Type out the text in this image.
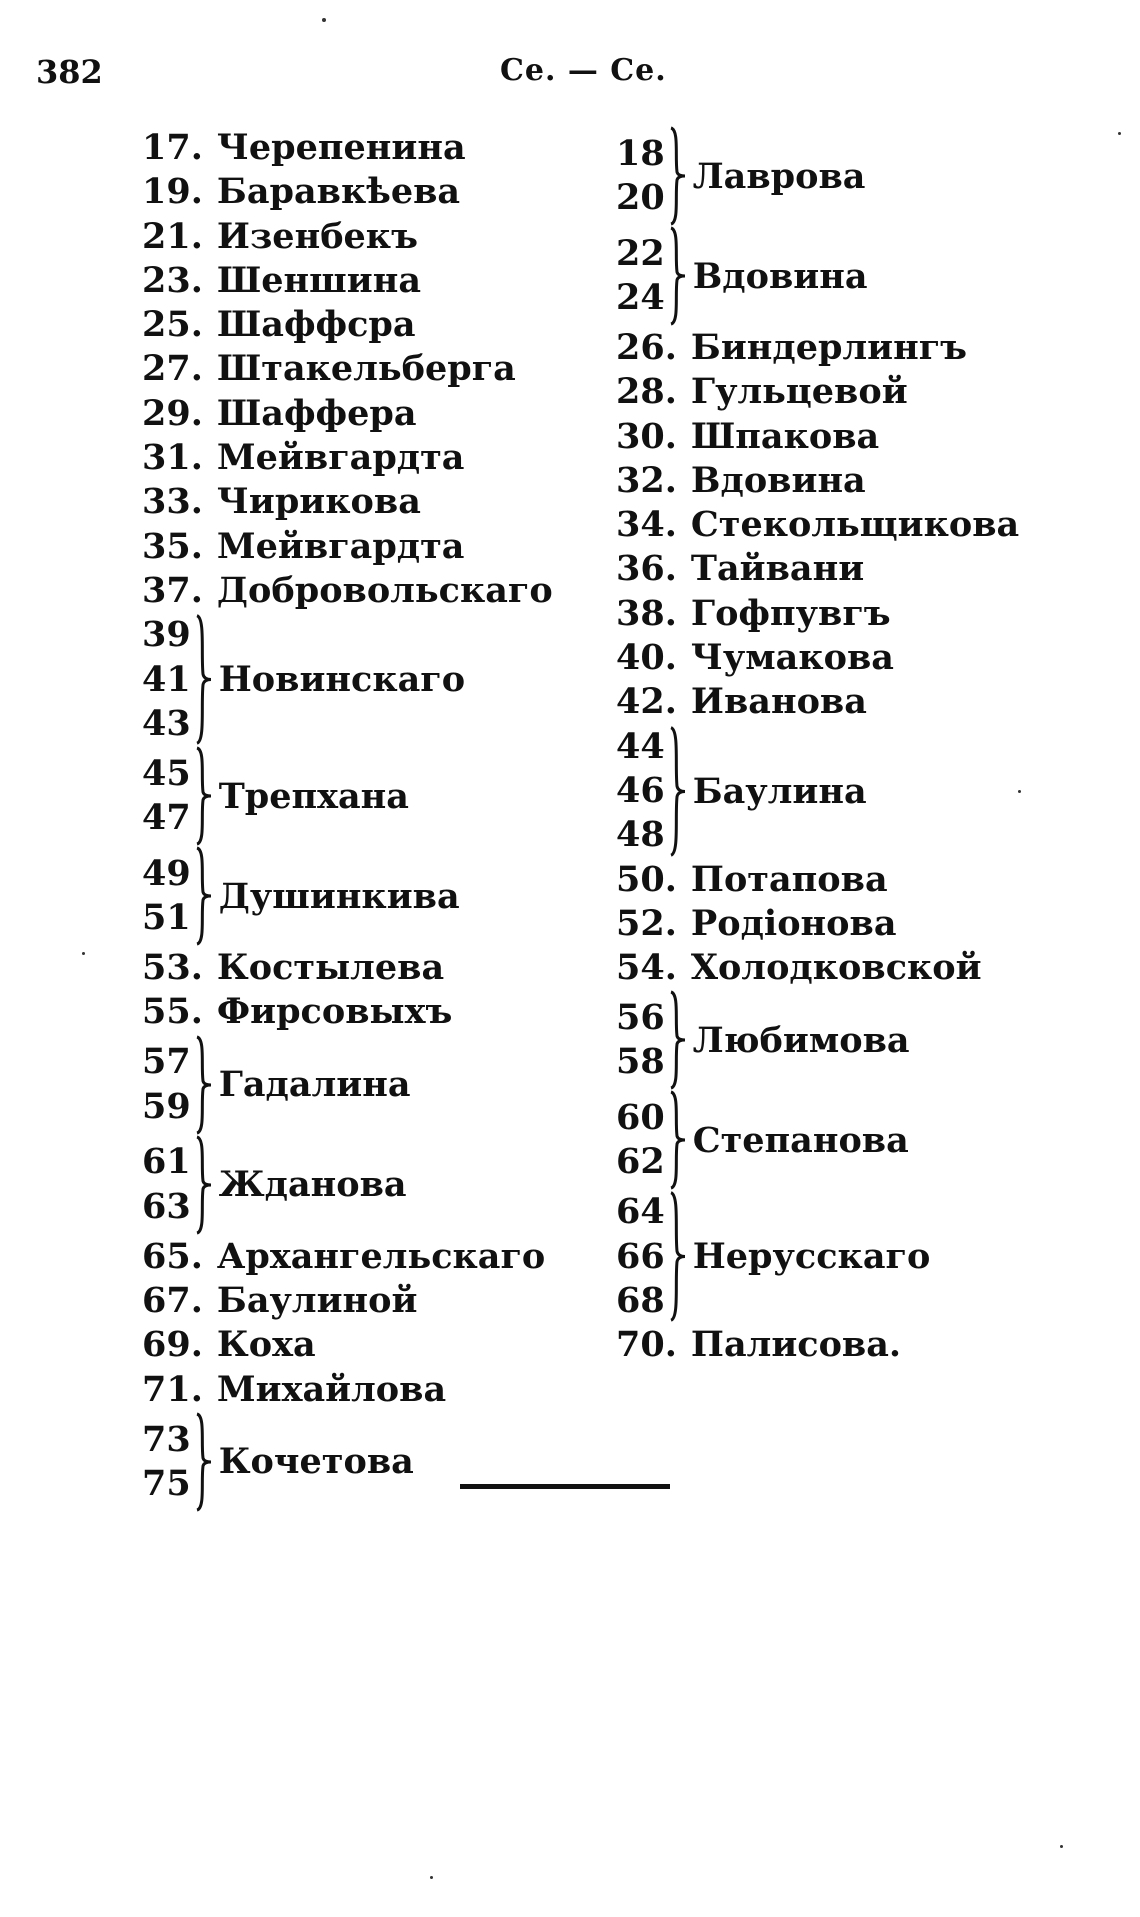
382	Се. — Се.
17. Черепенина
19. Баравкѣева
21. Изенбекъ
23. Шеншина
25. Шаффсра
27. Штакельберга
29. Шаффера
31. Мейвгардта
33. Чирикова
35. Мейвгардта
37. Добровольскаго
39
41
43
Новинскаго
45
47
Трепхана
49
51
Душинкива
53. Костылева
55. Фирсовыхъ
57
59
Гадалина
61
63
Жданова
65. Архангельскаго
67. Баулиной
69. Коха
71. Михайлова
73
75
Кочетова
18
20
Лаврова
22
24
Вдовина
26. Биндерлингъ
28. Гульцевой
30. Шпакова
32. Вдовина
34. Стекольщикова
36. Тайвани
38. Гофпувгъ
40. Чумакова
42. Иванова
44
46
48
Баулина
50. Потапова
52. Родіонова
54. Холодковской
56
58
Любимова
60
62
Степанова
64
66
68
Нерусскаго
70. Палисова.
